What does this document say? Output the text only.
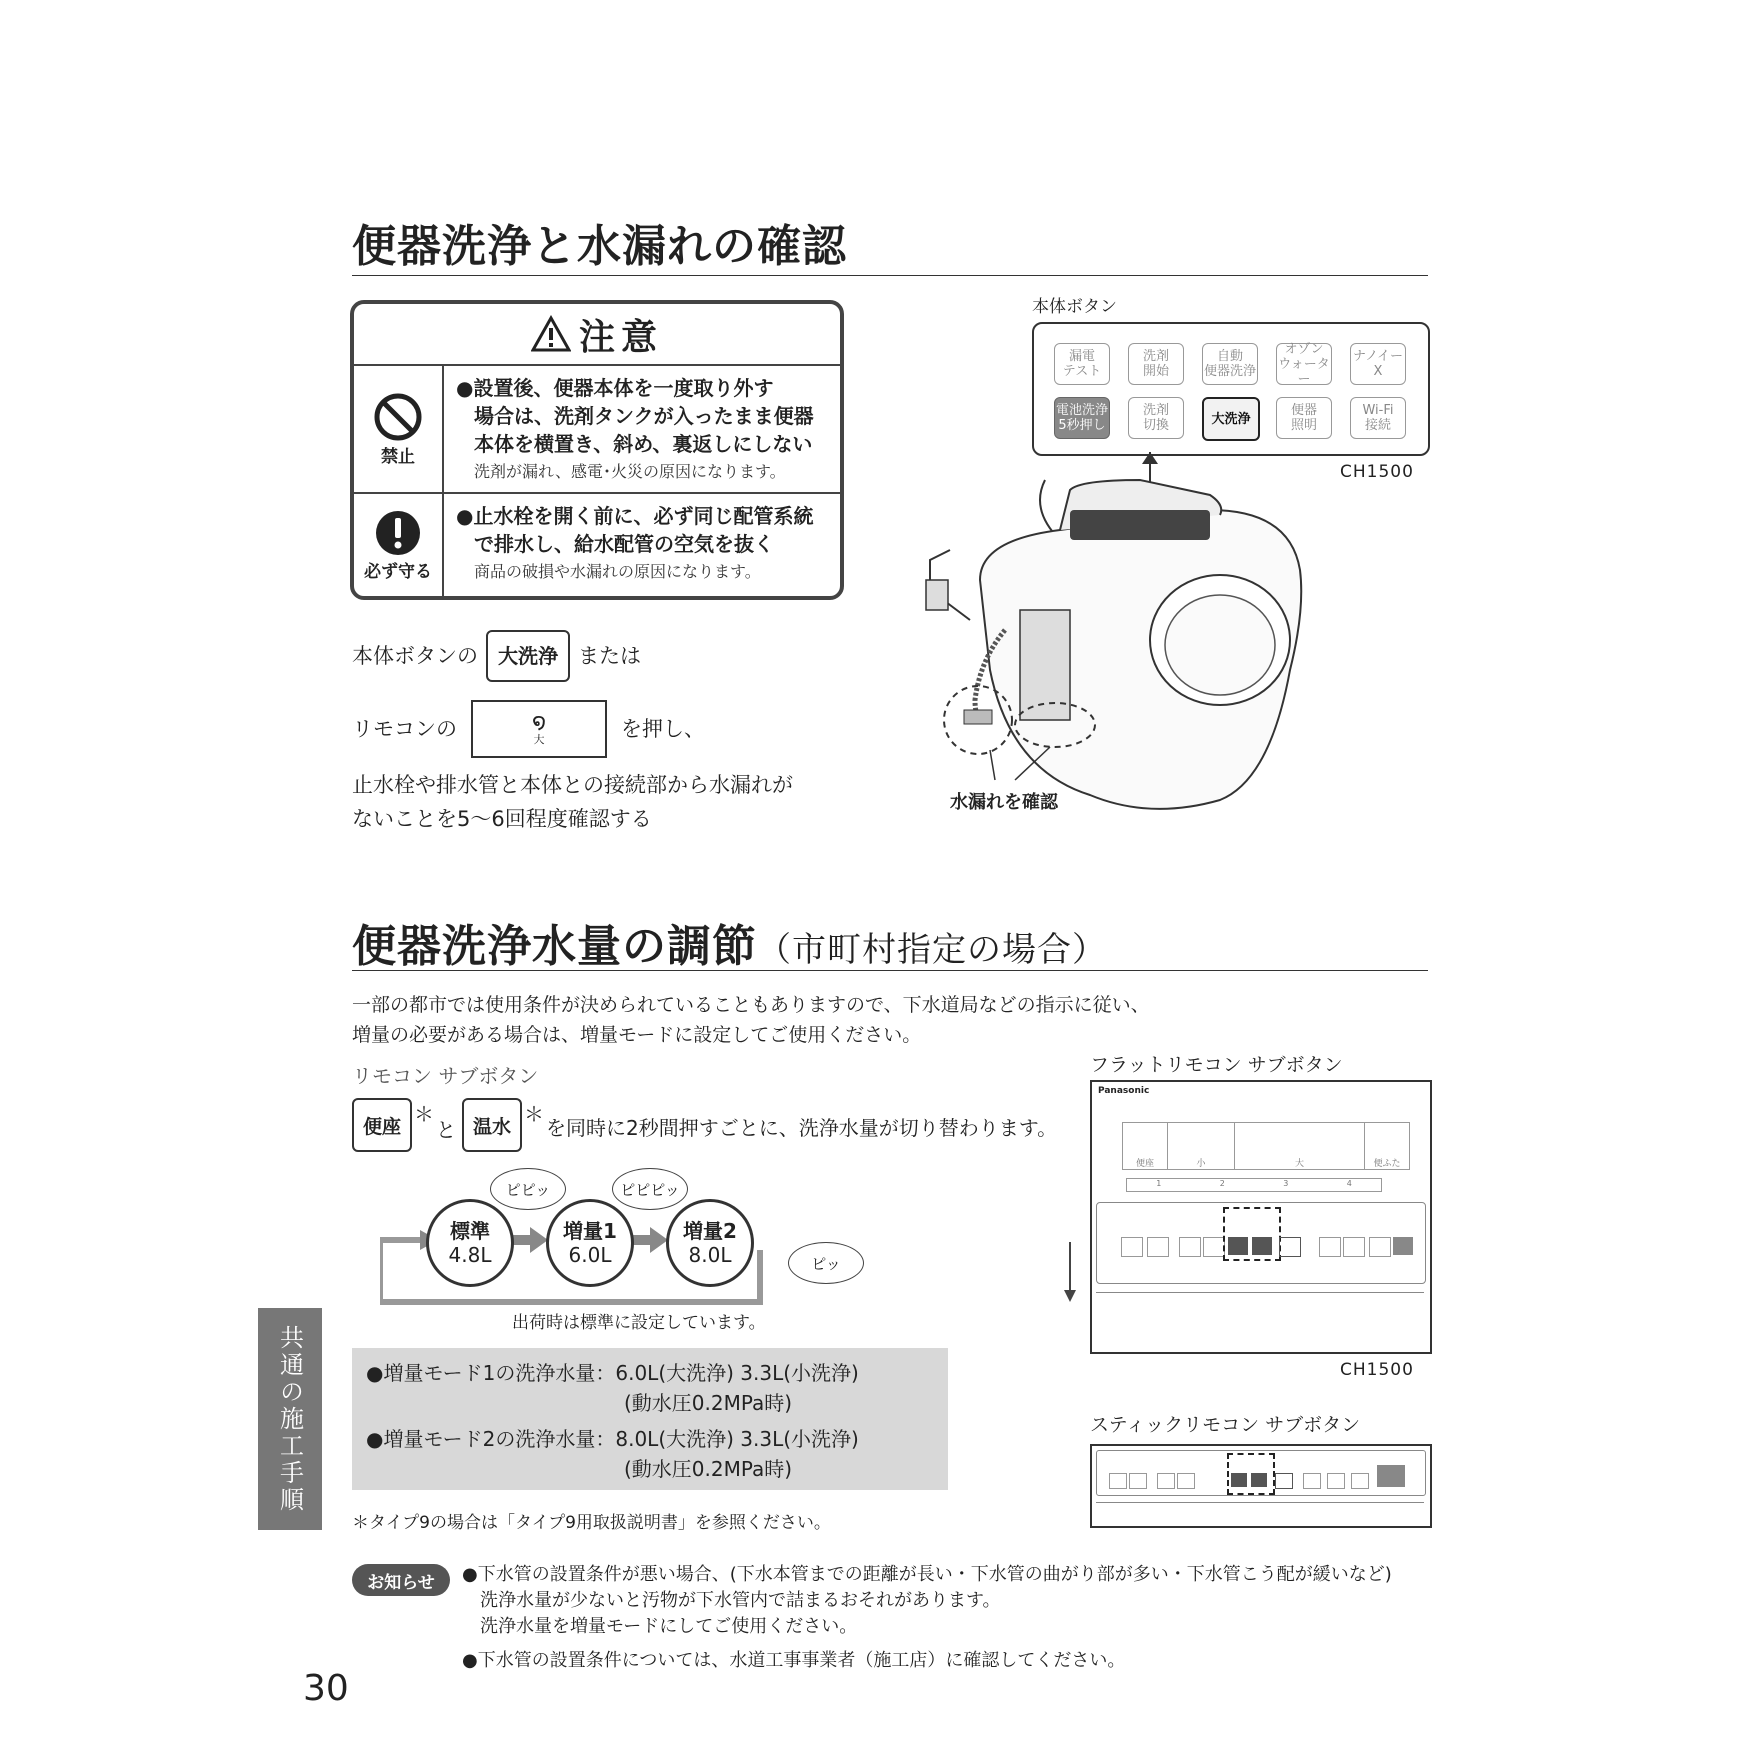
便器洗浄と水漏れの確認
注意
禁止
●設置後、便器本体を一度取り外す
場合は、洗剤タンクが入ったまま便器
本体を横置き、斜め、裏返しにしない
洗剤が漏れ、感電･火災の原因になります。
必ず守る
●止水栓を開く前に、必ず同じ配管系統
で排水し、給水配管の空気を抜く
商品の破損や水漏れの原因になります。
本体ボタンの	大洗浄 または
リモコンの	໑
大	を押し、
止水栓や排水管と本体との接続部から水漏れが
ないことを5〜6回程度確認する
本体ボタン
漏電
テスト
洗剤
開始
自動
便器洗浄
オゾン
ウォーター
ナノイーX
電池洗浄
5秒押し
洗剤
切換	大洗浄
便器
照明
Wi-Fi
接続
CH1500
水漏れを確認
便器洗浄水量の調節（市町村指定の場合）
一部の都市では使用条件が決められていることもありますので、下水道局などの指示に従い、
増量の必要がある場合は、増量モードに設定してご使用ください。
リモコン サブボタン
便座
＊
と 温水
＊
を同時に2秒間押すごとに、洗浄水量が切り替わります。
標準
4.8L
増量1
6.0L
増量2
8.0L
ピピッ	ピピピッ
ピッ
出荷時は標準に設定しています。
●増量モード1の洗浄水量：6.0L(大洗浄) 3.3L(小洗浄)
(動水圧0.2MPa時)
●増量モード2の洗浄水量：8.0L(大洗浄) 3.3L(小洗浄)
(動水圧0.2MPa時)
＊タイプ9の場合は「タイプ9用取扱説明書」を参照ください。
共通の施工手順
フラットリモコン サブボタン
Panasonic
便座	小	大	便ふた
1	2	3	4
CH1500
スティックリモコン サブボタン
お知らせ	●下水管の設置条件が悪い場合、(下水本管までの距離が長い・下水管の曲がり部が多い・下水管こう配が緩いなど)
洗浄水量が少ないと汚物が下水管内で詰まるおそれがあります。
洗浄水量を増量モードにしてご使用ください。
●下水管の設置条件については、水道工事事業者（施工店）に確認してください。
30
